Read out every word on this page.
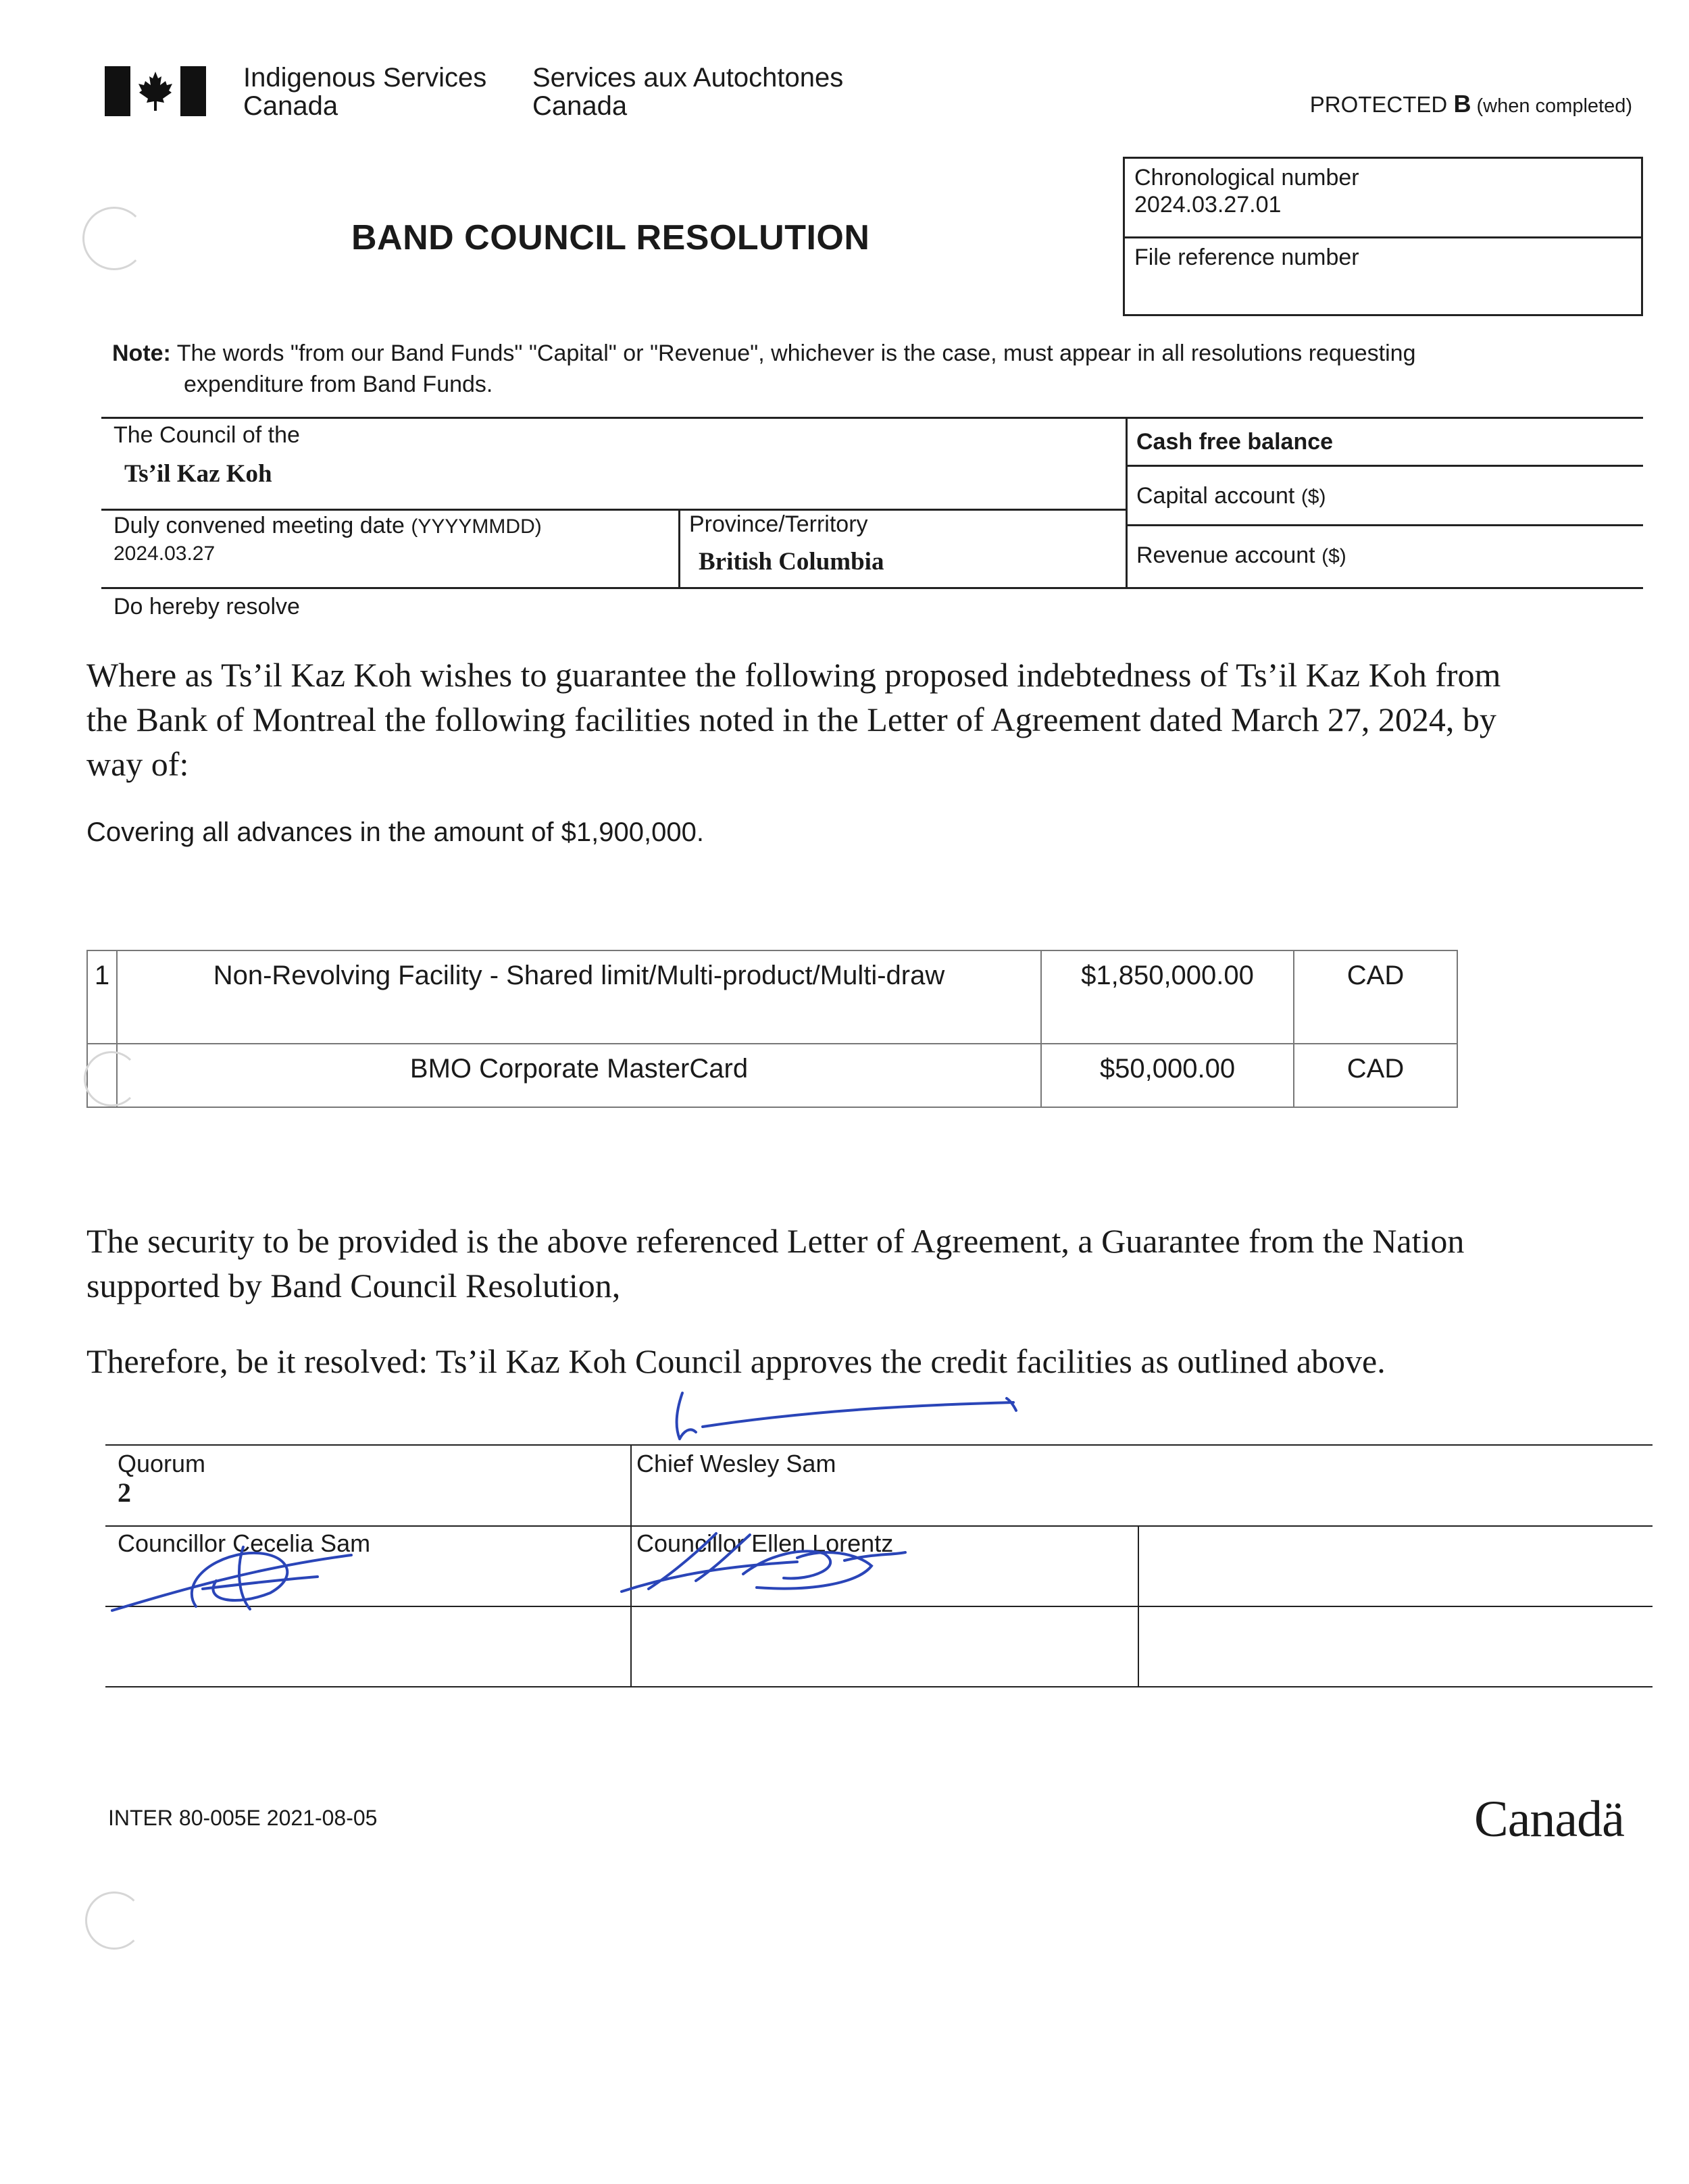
Indigenous Services
Canada
Services aux Autochtones
Canada	PROTECTED B (when completed)
BAND COUNCIL RESOLUTION
Chronological number
2024.03.27.01
File reference number
Note: The words "from our Band Funds" "Capital" or "Revenue", whichever is the case, must appear in all resolutions requesting
expenditure from Band Funds.
The Council of the
Ts’il Kaz Koh
Duly convened meeting date (YYYYMMDD)
2024.03.27
Province/Territory
British Columbia
Cash free balance
Capital account ($)
Revenue account ($)
Do hereby resolve
Where as Ts’il Kaz Koh wishes to guarantee the following proposed indebtedness of Ts’il Kaz Koh from
the Bank of Montreal the following facilities noted in the Letter of Agreement dated March 27, 2024, by
way of:
Covering all advances in the amount of $1,900,000.
1	Non-Revolving Facility - Shared limit/Multi-product/Multi-draw	$1,850,000.00	CAD
	BMO Corporate MasterCard	$50,000.00	CAD
The security to be provided is the above referenced Letter of Agreement, a Guarantee from the Nation
supported by Band Council Resolution,
Therefore, be it resolved: Ts’il Kaz Koh Council approves the credit facilities as outlined above.
Quorum
2
Chief Wesley Sam
Councillor Cecelia Sam	Councillor Ellen Lorentz
INTER 80-005E 2021-08-05	Canadä
